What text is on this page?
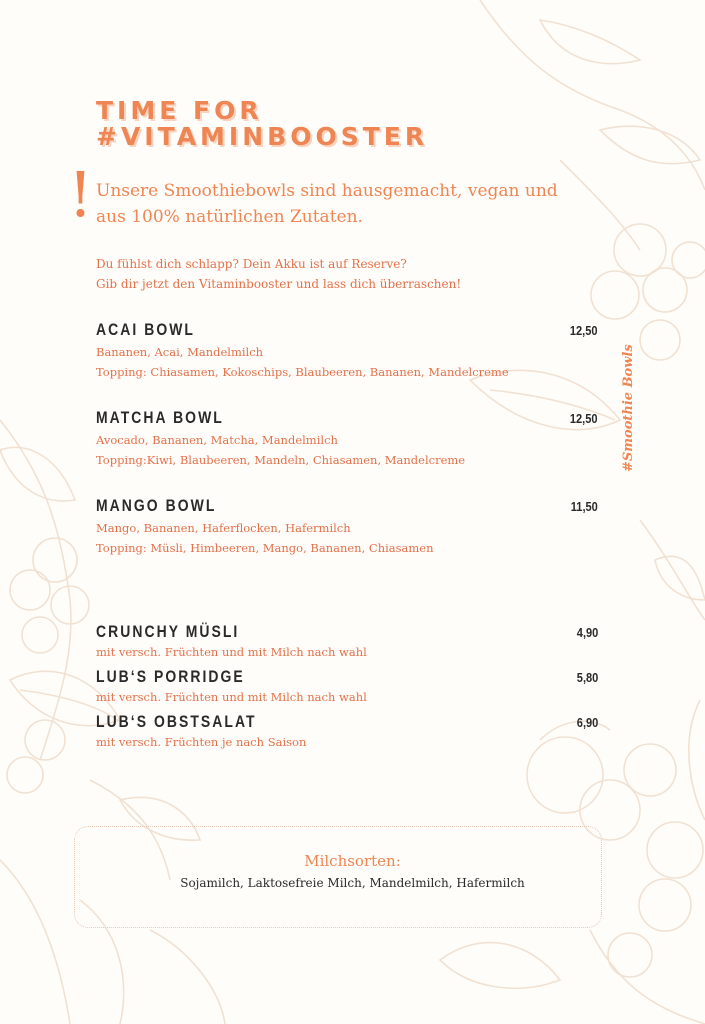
TIME FOR
#VITAMINBOOSTER
! Unsere Smoothiebowls sind hausgemacht, vegan und aus 100% natürlichen Zutaten.

Du fühlst dich schlapp? Dein Akku ist auf Reserve?
Gib dir jetzt den Vitaminbooster und lass dich überraschen!

ACAI BOWL	12,50
Bananen, Acai, Mandelmilch
Topping: Chiasamen, Kokoschips, Blaubeeren, Bananen, Mandelcreme
MATCHA BOWL	12,50
Avocado, Bananen, Matcha, Mandelmilch
Topping:Kiwi, Blaubeeren, Mandeln, Chiasamen, Mandelcreme
MANGO BOWL	11,50
Mango, Bananen, Haferflocken, Hafermilch
Topping: Müsli, Himbeeren, Mango, Bananen, Chiasamen
#Smoothie Bowls
CRUNCHY MÜSLI	4,90
mit versch. Früchten und mit Milch nach wahl
LUB‘S PORRIDGE	5,80
mit versch. Früchten und mit Milch nach wahl
LUB‘S OBSTSALAT	6,90
mit versch. Früchten je nach Saison
Milchsorten:
Sojamilch, Laktosefreie Milch, Mandelmilch, Hafermilch
